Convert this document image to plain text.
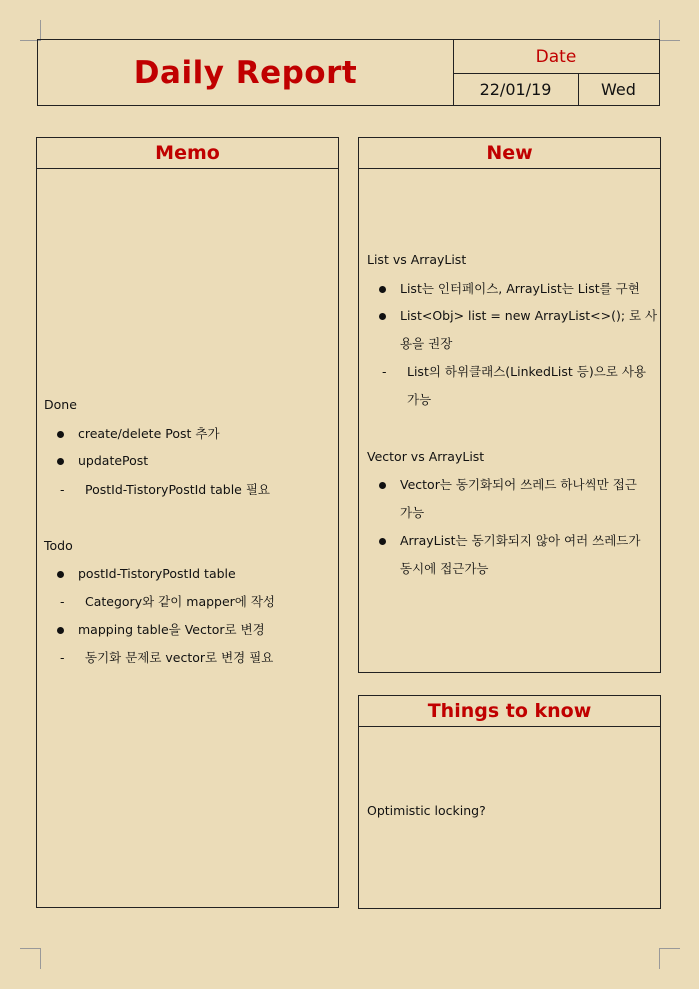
Daily Report	Date
22/01/19	Wed
Memo
Done
create/delete Post 추가
updatePost
- PostId-TistoryPostId table 필요
Todo
postId-TistoryPostId table
- Category와 같이 mapper에 작성
mapping table을 Vector로 변경
- 동기화 문제로 vector로 변경 필요
New
List vs ArrayList
List는 인터페이스, ArrayList는 List를 구현
List<Obj> list = new ArrayList<>(); 로 사
용을 권장
- List의 하위클래스(LinkedList 등)으로 사용
가능
Vector vs ArrayList
Vector는 동기화되어 쓰레드 하나씩만 접근
가능
ArrayList는 동기화되지 않아 여러 쓰레드가
동시에 접근가능
Things to know
Optimistic locking?
